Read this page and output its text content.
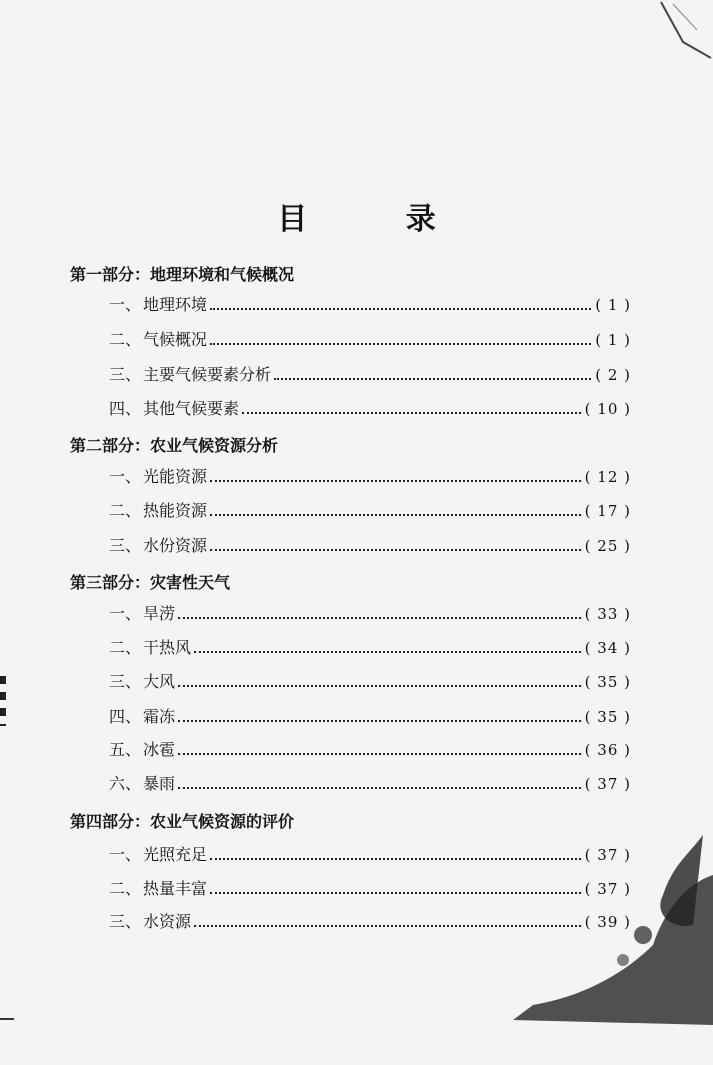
目 录
第一部分：地理环境和气候概况
一、 地理环境	( 1 )
二、 气候概况	( 1 )
三、 主要气候要素分析	( 2 )
四、 其他气候要素	( 10 )
第二部分：农业气候资源分析
一、 光能资源	( 12 )
二、 热能资源	( 17 )
三、 水份资源	( 25 )
第三部分：灾害性天气
一、 旱涝	( 33 )
二、 干热风	( 34 )
三、 大风	( 35 )
四、 霜冻	( 35 )
五、 冰雹	( 36 )
六、 暴雨	( 37 )
第四部分：农业气候资源的评价
一、 光照充足	( 37 )
二、 热量丰富	( 37 )
三、 水资源	( 39 )
